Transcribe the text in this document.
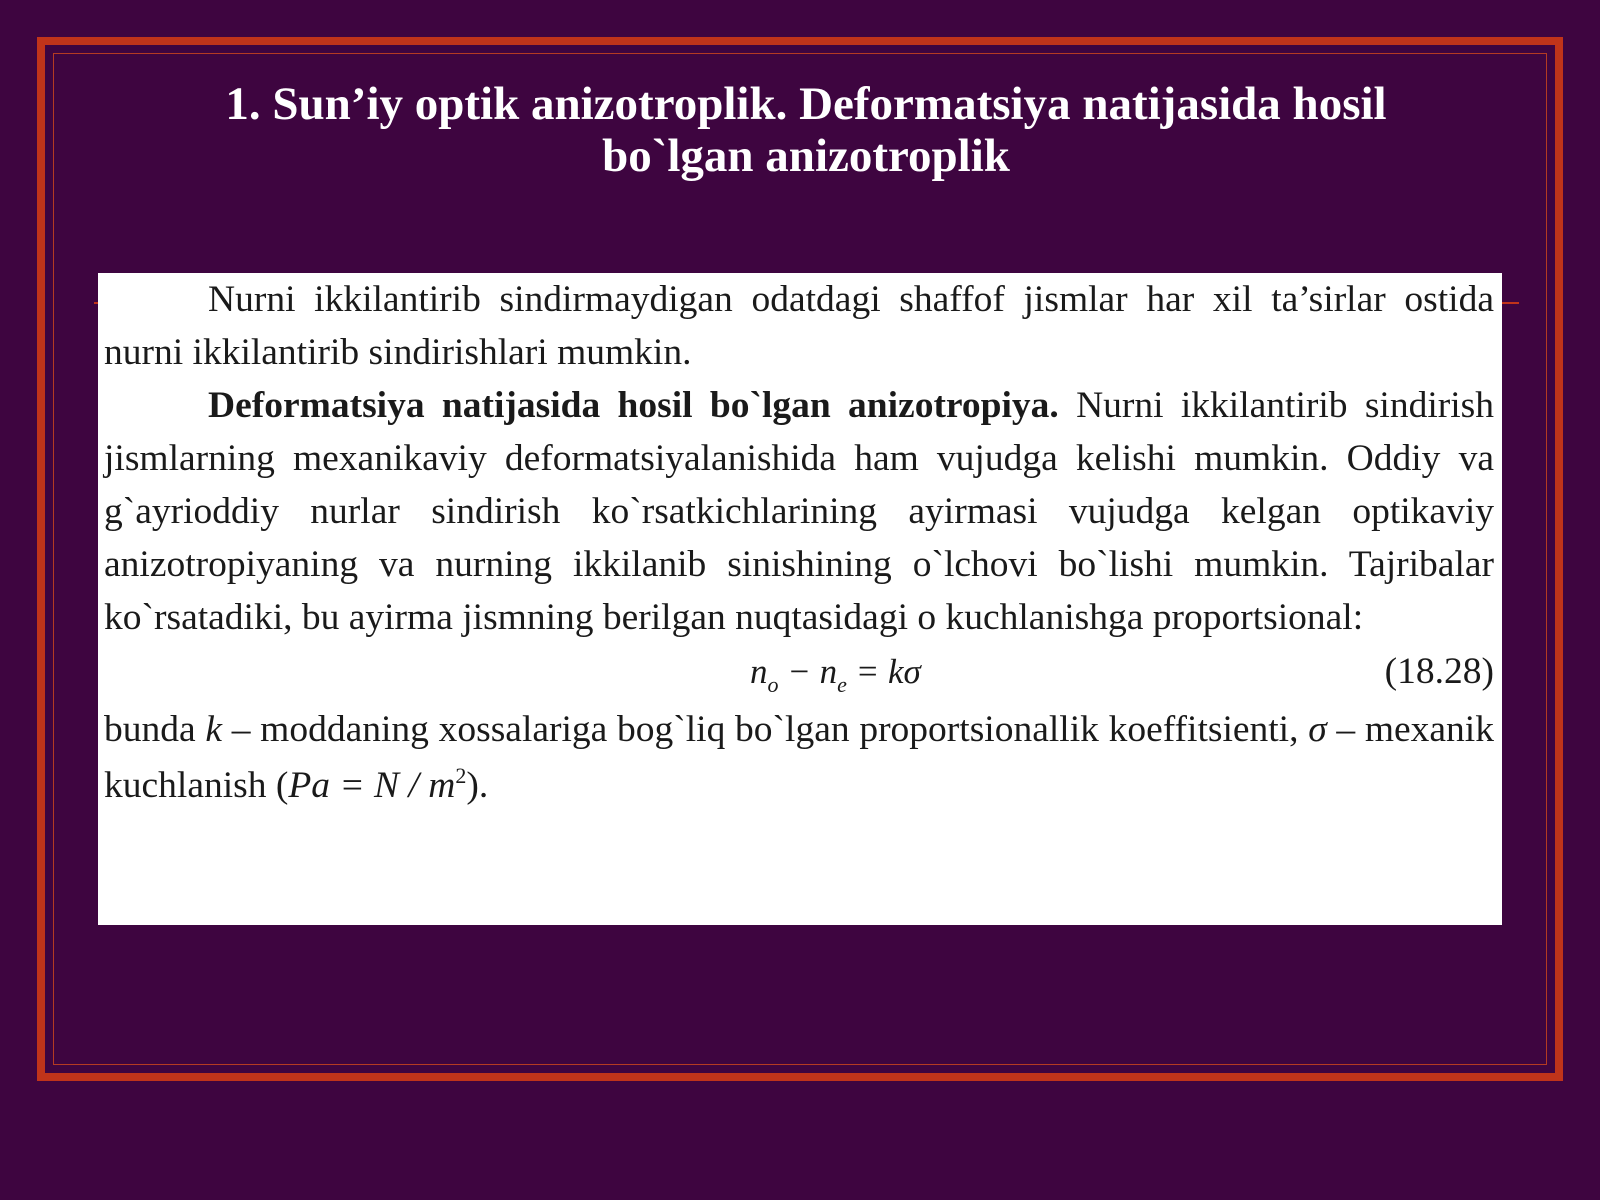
1. Sun’iy optik anizotroplik. Deformatsiya natijasida hosil
bo`lgan anizotroplik

Nurni ikkilantirib sindirmaydigan odatdagi shaffof jismlar har xil ta’sirlar ostida nurni ikkilantirib sindirishlari mumkin.

Deformatsiya natijasida hosil bo`lgan anizotropiya. Nurni ikkilantirib sindirish jismlarning mexanikaviy deformatsiyalanishida ham vujudga kelishi mumkin. Oddiy va g`ayrioddiy nurlar sindirish ko`rsatkichlarining ayirmasi vujudga kelgan optikaviy anizotropiyaning va nurning ikkilanib sinishining o`lchovi bo`lishi mumkin. Tajribalar ko`rsatadiki, bu ayirma jismning berilgan nuqtasidagi o kuchlanishga proportsional:

$n_o - n_e = k\sigma$	(18.28)

bunda k – moddaning xossalariga bog`liq bo`lgan proportsionallik koeffitsienti, σ – mexanik kuchlanish $(Pa = N / m^2)$.
